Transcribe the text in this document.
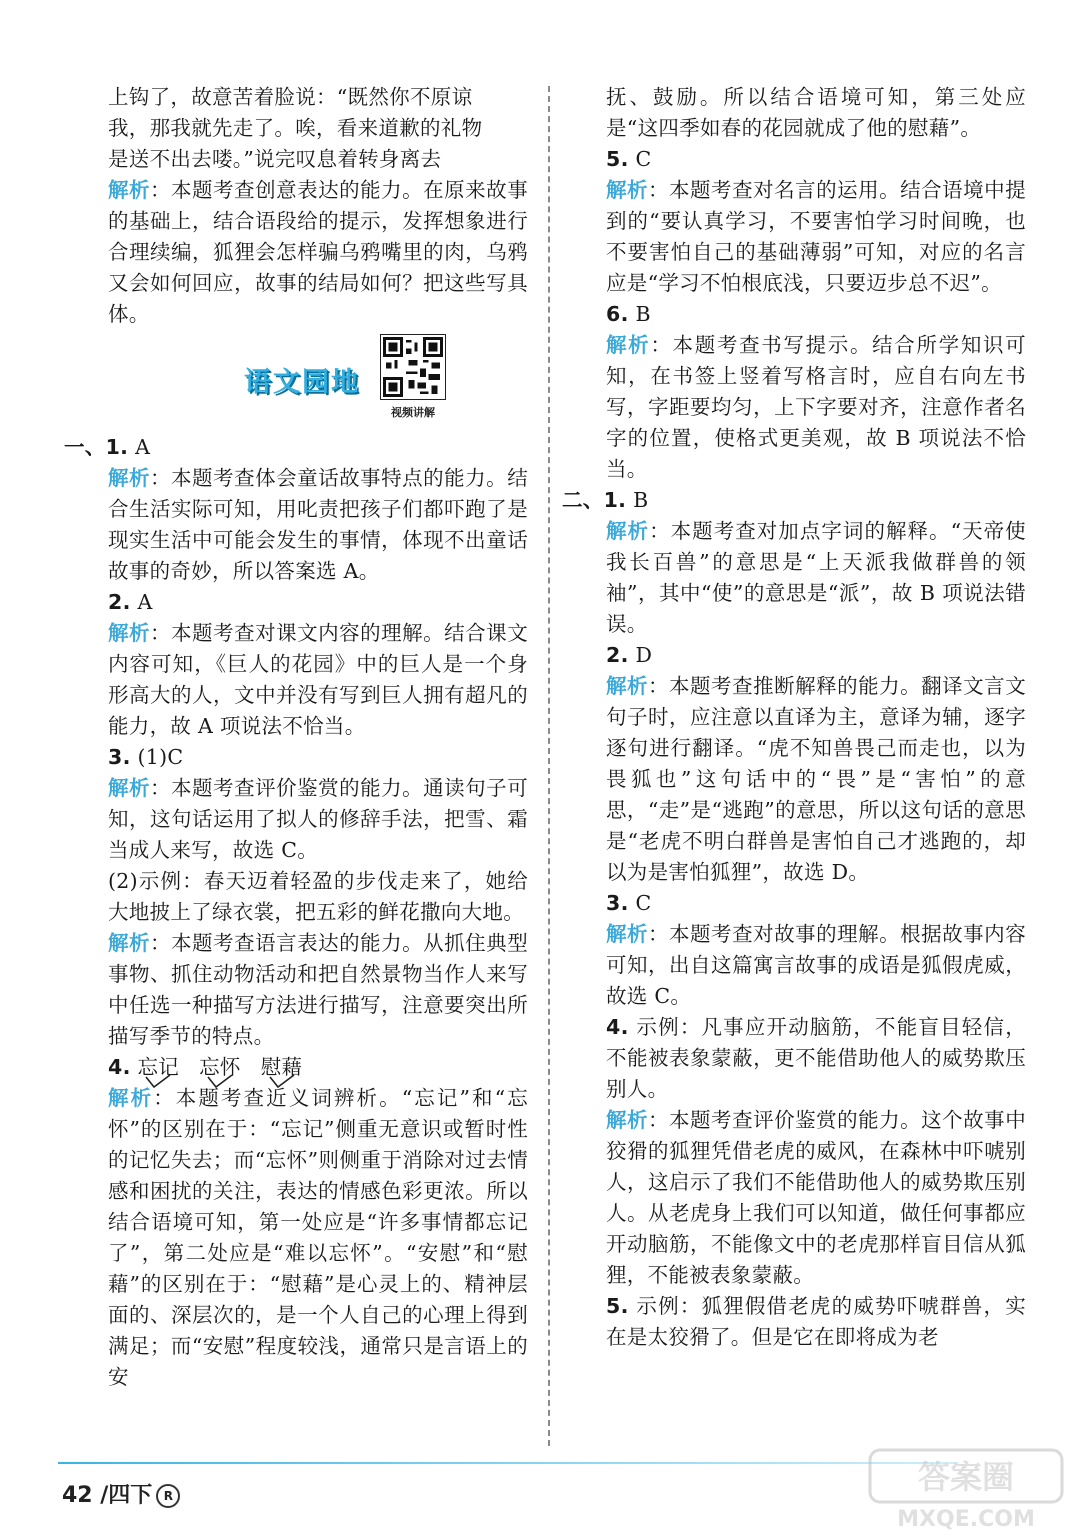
上钩了，故意苦着脸说：“既然你不原谅

我，那我就先走了。唉，看来道歉的礼物

是送不出去喽。”说完叹息着转身离去

解析：本题考查创意表达的能力。在原来故事的基础上，结合语段给的提示，发挥想象进行合理续编，狐狸会怎样骗乌鸦嘴里的肉，乌鸦又会如何回应，故事的结局如何？把这些写具体。

语文园地
视频讲解

一、1. A

解析：本题考查体会童话故事特点的能力。结合生活实际可知，用叱责把孩子们都吓跑了是现实生活中可能会发生的事情，体现不出童话故事的奇妙，所以答案选 A。

2. A

解析：本题考查对课文内容的理解。结合课文内容可知，《巨人的花园》中的巨人是一个身形高大的人，文中并没有写到巨人拥有超凡的能力，故 A 项说法不恰当。

3. (1)C

解析：本题考查评价鉴赏的能力。通读句子可知，这句话运用了拟人的修辞手法，把雪、霜当成人来写，故选 C。

(2)示例：春天迈着轻盈的步伐走来了，她给大地披上了绿衣裳，把五彩的鲜花撒向大地。

解析：本题考查语言表达的能力。从抓住典型事物、抓住动物活动和把自然景物当作人来写中任选一种描写方法进行描写，注意要突出所描写季节的特点。

4. 忘记 忘怀 慰藉

解析：本题考查近义词辨析。“忘记”和“忘怀”的区别在于：“忘记”侧重无意识或暂时性的记忆失去；而“忘怀”则侧重于消除对过去情感和困扰的关注，表达的情感色彩更浓。所以结合语境可知，第一处应是“许多事情都忘记了”，第二处应是“难以忘怀”。“安慰”和“慰藉”的区别在于：“慰藉”是心灵上的、精神层面的、深层次的，是一个人自己的心理上得到满足；而“安慰”程度较浅，通常只是言语上的安

抚、鼓励。所以结合语境可知，第三处应是“这四季如春的花园就成了他的慰藉”。

5. C

解析：本题考查对名言的运用。结合语境中提到的“要认真学习，不要害怕学习时间晚，也不要害怕自己的基础薄弱”可知，对应的名言应是“学习不怕根底浅，只要迈步总不迟”。

6. B

解析：本题考查书写提示。结合所学知识可知，在书签上竖着写格言时，应自右向左书写，字距要均匀，上下字要对齐，注意作者名字的位置，使格式更美观，故 B 项说法不恰当。

二、1. B

解析：本题考查对加点字词的解释。“天帝使我长百兽”的意思是“上天派我做群兽的领袖”，其中“使”的意思是“派”，故 B 项说法错误。

2. D

解析：本题考查推断解释的能力。翻译文言文句子时，应注意以直译为主，意译为辅，逐字逐句进行翻译。“虎不知兽畏己而走也，以为畏狐也”这句话中的“畏”是“害怕”的意思，“走”是“逃跑”的意思，所以这句话的意思是“老虎不明白群兽是害怕自己才逃跑的，却以为是害怕狐狸”，故选 D。

3. C

解析：本题考查对故事的理解。根据故事内容可知，出自这篇寓言故事的成语是狐假虎威，故选 C。

4. 示例：凡事应开动脑筋，不能盲目轻信，不能被表象蒙蔽，更不能借助他人的威势欺压别人。

解析：本题考查评价鉴赏的能力。这个故事中狡猾的狐狸凭借老虎的威风，在森林中吓唬别人，这启示了我们不能借助他人的威势欺压别人。从老虎身上我们可以知道，做任何事都应开动脑筋，不能像文中的老虎那样盲目信从狐狸，不能被表象蒙蔽。

5. 示例：狐狸假借老虎的威势吓唬群兽，实在是太狡猾了。但是它在即将成为老

42 /四下 R	答案圈
MXQE.COM
